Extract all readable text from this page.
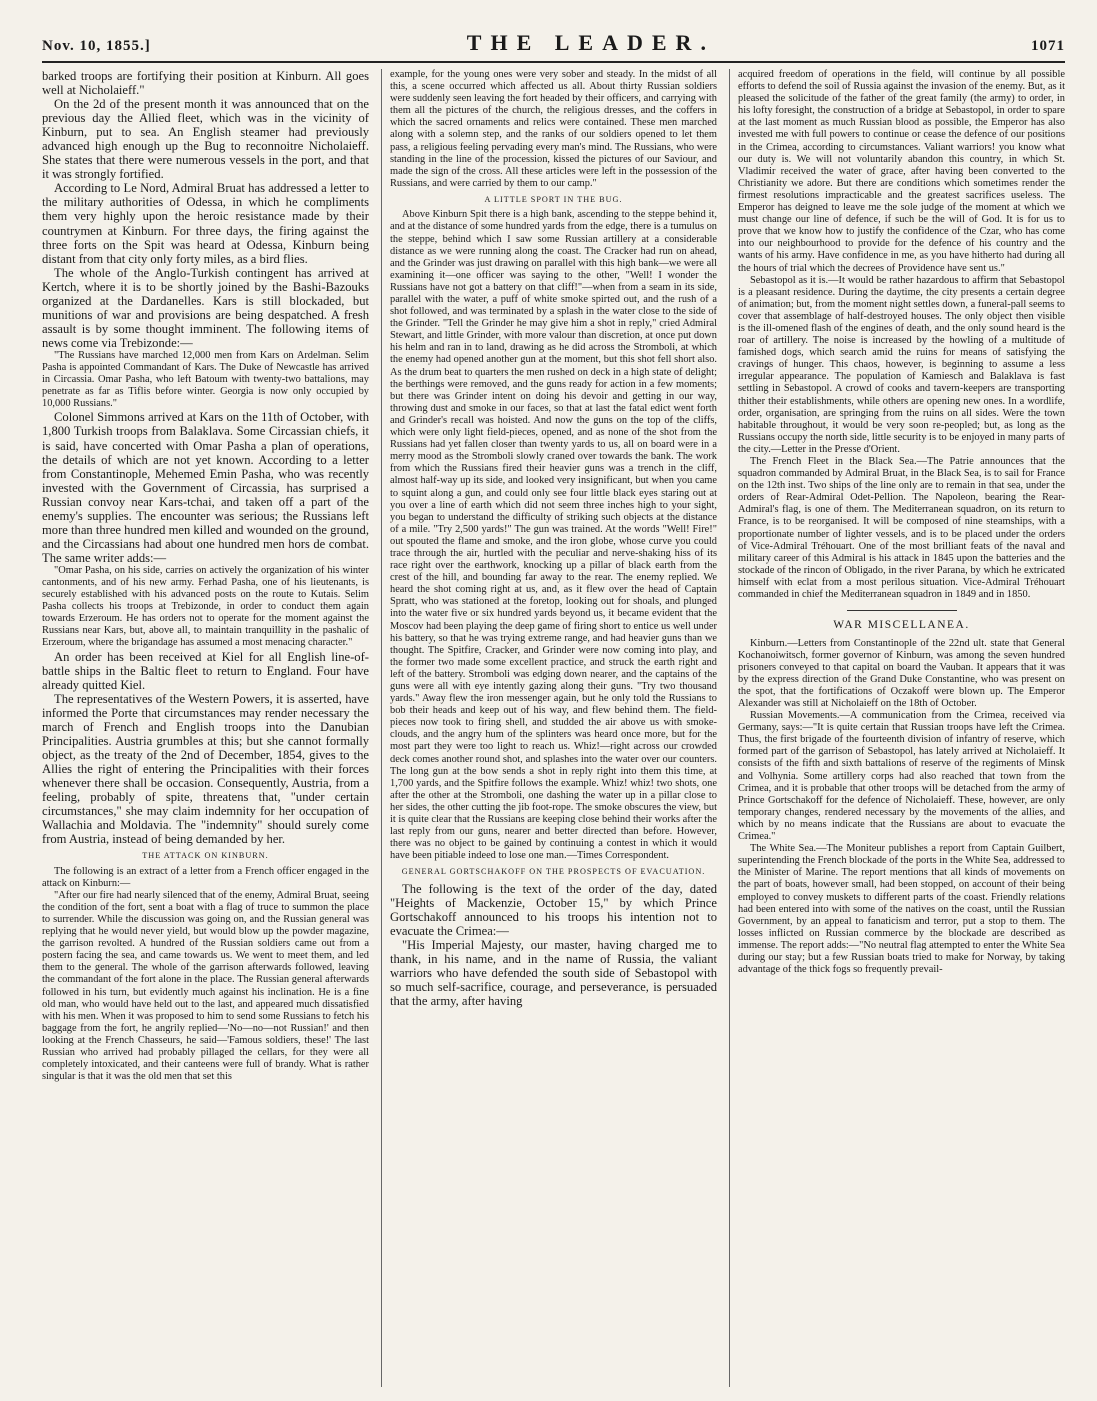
Nov. 10, 1855.]	THE LEADER.	1071

barked troops are fortifying their position at Kinburn. All goes well at Nicholaieff."

On the 2d of the present month it was announced that on the previous day the Allied fleet, which was in the vicinity of Kinburn, put to sea. An English steamer had previously advanced high enough up the Bug to reconnoitre Nicholaieff. She states that there were numerous vessels in the port, and that it was strongly fortified.

According to Le Nord, Admiral Bruat has addressed a letter to the military authorities of Odessa, in which he compliments them very highly upon the heroic resistance made by their countrymen at Kinburn. For three days, the firing against the three forts on the Spit was heard at Odessa, Kinburn being distant from that city only forty miles, as a bird flies.

The whole of the Anglo-Turkish contingent has arrived at Kertch, where it is to be shortly joined by the Bashi-Bazouks organized at the Dardanelles. Kars is still blockaded, but munitions of war and provisions are being despatched. A fresh assault is by some thought imminent. The following items of news come via Trebizonde:—

"The Russians have marched 12,000 men from Kars on Ardelman. Selim Pasha is appointed Commandant of Kars. The Duke of Newcastle has arrived in Circassia. Omar Pasha, who left Batoum with twenty-two battalions, may penetrate as far as Tiflis before winter. Georgia is now only occupied by 10,000 Russians."

Colonel Simmons arrived at Kars on the 11th of October, with 1,800 Turkish troops from Balaklava. Some Circassian chiefs, it is said, have concerted with Omar Pasha a plan of operations, the details of which are not yet known. According to a letter from Constantinople, Mehemed Emin Pasha, who was recently invested with the Government of Circassia, has surprised a Russian convoy near Kars-tchai, and taken off a part of the enemy's supplies. The encounter was serious; the Russians left more than three hundred men killed and wounded on the ground, and the Circassians had about one hundred men hors de combat. The same writer adds:—

"Omar Pasha, on his side, carries on actively the organization of his winter cantonments, and of his new army. Ferhad Pasha, one of his lieutenants, is securely established with his advanced posts on the route to Kutais. Selim Pasha collects his troops at Trebizonde, in order to conduct them again towards Erzeroum. He has orders not to operate for the moment against the Russians near Kars, but, above all, to maintain tranquillity in the pashalic of Erzeroum, where the brigandage has assumed a most menacing character."

An order has been received at Kiel for all English line-of-battle ships in the Baltic fleet to return to England. Four have already quitted Kiel.

The representatives of the Western Powers, it is asserted, have informed the Porte that circumstances may render necessary the march of French and English troops into the Danubian Principalities. Austria grumbles at this; but she cannot formally object, as the treaty of the 2nd of December, 1854, gives to the Allies the right of entering the Principalities with their forces whenever there shall be occasion. Consequently, Austria, from a feeling, probably of spite, threatens that, "under certain circumstances," she may claim indemnity for her occupation of Wallachia and Moldavia. The "indemnity" should surely come from Austria, instead of being demanded by her.

THE ATTACK ON KINBURN.

The following is an extract of a letter from a French officer engaged in the attack on Kinburn:—

"After our fire had nearly silenced that of the enemy, Admiral Bruat, seeing the condition of the fort, sent a boat with a flag of truce to summon the place to surrender. While the discussion was going on, and the Russian general was replying that he would never yield, but would blow up the powder magazine, the garrison revolted. A hundred of the Russian soldiers came out from a postern facing the sea, and came towards us. We went to meet them, and led them to the general. The whole of the garrison afterwards followed, leaving the commandant of the fort alone in the place. The Russian general afterwards followed in his turn, but evidently much against his inclination. He is a fine old man, who would have held out to the last, and appeared much dissatisfied with his men. When it was proposed to him to send some Russians to fetch his baggage from the fort, he angrily replied—'No—no—not Russian!' and then looking at the French Chasseurs, he said—'Famous soldiers, these!' The last Russian who arrived had probably pillaged the cellars, for they were all completely intoxicated, and their canteens were full of brandy. What is rather singular is that it was the old men that set this

example, for the young ones were very sober and steady. In the midst of all this, a scene occurred which affected us all. About thirty Russian soldiers were suddenly seen leaving the fort headed by their officers, and carrying with them all the pictures of the church, the religious dresses, and the coffers in which the sacred ornaments and relics were contained. These men marched along with a solemn step, and the ranks of our soldiers opened to let them pass, a religious feeling pervading every man's mind. The Russians, who were standing in the line of the procession, kissed the pictures of our Saviour, and made the sign of the cross. All these articles were left in the possession of the Russians, and were carried by them to our camp."

A LITTLE SPORT IN THE BUG.

Above Kinburn Spit there is a high bank, ascending to the steppe behind it, and at the distance of some hundred yards from the edge, there is a tumulus on the steppe, behind which I saw some Russian artillery at a considerable distance as we were running along the coast. The Cracker had run on ahead, and the Grinder was just drawing on parallel with this high bank—we were all examining it—one officer was saying to the other, "Well! I wonder the Russians have not got a battery on that cliff!"—when from a seam in its side, parallel with the water, a puff of white smoke spirted out, and the rush of a shot followed, and was terminated by a splash in the water close to the side of the Grinder. "Tell the Grinder he may give him a shot in reply," cried Admiral Stewart, and little Grinder, with more valour than discretion, at once put down his helm and ran in to land, drawing as he did across the Stromboli, at which the enemy had opened another gun at the moment, but this shot fell short also. As the drum beat to quarters the men rushed on deck in a high state of delight; the berthings were removed, and the guns ready for action in a few moments; but there was Grinder intent on doing his devoir and getting in our way, throwing dust and smoke in our faces, so that at last the fatal edict went forth and Grinder's recall was hoisted. And now the guns on the top of the cliffs, which were only light field-pieces, opened, and as none of the shot from the Russians had yet fallen closer than twenty yards to us, all on board were in a merry mood as the Stromboli slowly craned over towards the bank. The work from which the Russians fired their heavier guns was a trench in the cliff, almost half-way up its side, and looked very insignificant, but when you came to squint along a gun, and could only see four little black eyes staring out at you over a line of earth which did not seem three inches high to your sight, you began to understand the difficulty of striking such objects at the distance of a mile. "Try 2,500 yards!" The gun was trained. At the words "Well! Fire!" out spouted the flame and smoke, and the iron globe, whose curve you could trace through the air, hurtled with the peculiar and nerve-shaking hiss of its race right over the earthwork, knocking up a pillar of black earth from the crest of the hill, and bounding far away to the rear. The enemy replied. We heard the shot coming right at us, and, as it flew over the head of Captain Spratt, who was stationed at the foretop, looking out for shoals, and plunged into the water five or six hundred yards beyond us, it became evident that the Moscov had been playing the deep game of firing short to entice us well under his battery, so that he was trying extreme range, and had heavier guns than we thought. The Spitfire, Cracker, and Grinder were now coming into play, and the former two made some excellent practice, and struck the earth right and left of the battery. Stromboli was edging down nearer, and the captains of the guns were all with eye intently gazing along their guns. "Try two thousand yards." Away flew the iron messenger again, but he only told the Russians to bob their heads and keep out of his way, and flew behind them. The field-pieces now took to firing shell, and studded the air above us with smoke-clouds, and the angry hum of the splinters was heard once more, but for the most part they were too light to reach us. Whiz!—right across our crowded deck comes another round shot, and splashes into the water over our counters. The long gun at the bow sends a shot in reply right into them this time, at 1,700 yards, and the Spitfire follows the example. Whiz! whiz! two shots, one after the other at the Stromboli, one dashing the water up in a pillar close to her sides, the other cutting the jib foot-rope. The smoke obscures the view, but it is quite clear that the Russians are keeping close behind their works after the last reply from our guns, nearer and better directed than before. However, there was no object to be gained by continuing a contest in which it would have been pitiable indeed to lose one man.—Times Correspondent.

GENERAL GORTSCHAKOFF ON THE PROSPECTS OF EVACUATION.

The following is the text of the order of the day, dated "Heights of Mackenzie, October 15," by which Prince Gortschakoff announced to his troops his intention not to evacuate the Crimea:—

"His Imperial Majesty, our master, having charged me to thank, in his name, and in the name of Russia, the valiant warriors who have defended the south side of Sebastopol with so much self-sacrifice, courage, and perseverance, is persuaded that the army, after having

acquired freedom of operations in the field, will continue by all possible efforts to defend the soil of Russia against the invasion of the enemy. But, as it pleased the solicitude of the father of the great family (the army) to order, in his lofty foresight, the construction of a bridge at Sebastopol, in order to spare at the last moment as much Russian blood as possible, the Emperor has also invested me with full powers to continue or cease the defence of our positions in the Crimea, according to circumstances. Valiant warriors! you know what our duty is. We will not voluntarily abandon this country, in which St. Vladimir received the water of grace, after having been converted to the Christianity we adore. But there are conditions which sometimes render the firmest resolutions impracticable and the greatest sacrifices useless. The Emperor has deigned to leave me the sole judge of the moment at which we must change our line of defence, if such be the will of God. It is for us to prove that we know how to justify the confidence of the Czar, who has come into our neighbourhood to provide for the defence of his country and the wants of his army. Have confidence in me, as you have hitherto had during all the hours of trial which the decrees of Providence have sent us."

Sebastopol as it is.—It would be rather hazardous to affirm that Sebastopol is a pleasant residence. During the daytime, the city presents a certain degree of animation; but, from the moment night settles down, a funeral-pall seems to cover that assemblage of half-destroyed houses. The only object then visible is the ill-omened flash of the engines of death, and the only sound heard is the roar of artillery. The noise is increased by the howling of a multitude of famished dogs, which search amid the ruins for means of satisfying the cravings of hunger. This chaos, however, is beginning to assume a less irregular appearance. The population of Kamiesch and Balaklava is fast settling in Sebastopol. A crowd of cooks and tavern-keepers are transporting thither their establishments, while others are opening new ones. In a wordlife, order, organisation, are springing from the ruins on all sides. Were the town habitable throughout, it would be very soon re-peopled; but, as long as the Russians occupy the north side, little security is to be enjoyed in many parts of the city.—Letter in the Presse d'Orient.

The French Fleet in the Black Sea.—The Patrie announces that the squadron commanded by Admiral Bruat, in the Black Sea, is to sail for France on the 12th inst. Two ships of the line only are to remain in that sea, under the orders of Rear-Admiral Odet-Pellion. The Napoleon, bearing the Rear-Admiral's flag, is one of them. The Mediterranean squadron, on its return to France, is to be reorganised. It will be composed of nine steamships, with a proportionate number of lighter vessels, and is to be placed under the orders of Vice-Admiral Tréhouart. One of the most brilliant feats of the naval and military career of this Admiral is his attack in 1845 upon the batteries and the stockade of the rincon of Obligado, in the river Parana, by which he extricated himself with eclat from a most perilous situation. Vice-Admiral Tréhouart commanded in chief the Mediterranean squadron in 1849 and in 1850.

WAR MISCELLANEA.

Kinburn.—Letters from Constantinople of the 22nd ult. state that General Kochanoiwitsch, former governor of Kinburn, was among the seven hundred prisoners conveyed to that capital on board the Vauban. It appears that it was by the express direction of the Grand Duke Constantine, who was present on the spot, that the fortifications of Oczakoff were blown up. The Emperor Alexander was still at Nicholaieff on the 18th of October.

Russian Movements.—A communication from the Crimea, received via Germany, says:—"It is quite certain that Russian troops have left the Crimea. Thus, the first brigade of the fourteenth division of infantry of reserve, which formed part of the garrison of Sebastopol, has lately arrived at Nicholaieff. It consists of the fifth and sixth battalions of reserve of the regiments of Minsk and Volhynia. Some artillery corps had also reached that town from the Crimea, and it is probable that other troops will be detached from the army of Prince Gortschakoff for the defence of Nicholaieff. These, however, are only temporary changes, rendered necessary by the movements of the allies, and which by no means indicate that the Russians are about to evacuate the Crimea."

The White Sea.—The Moniteur publishes a report from Captain Guilbert, superintending the French blockade of the ports in the White Sea, addressed to the Minister of Marine. The report mentions that all kinds of movements on the part of boats, however small, had been stopped, on account of their being employed to convey muskets to different parts of the coast. Friendly relations had been entered into with some of the natives on the coast, until the Russian Government, by an appeal to fanaticism and terror, put a stop to them. The losses inflicted on Russian commerce by the blockade are described as immense. The report adds:—"No neutral flag attempted to enter the White Sea during our stay; but a few Russian boats tried to make for Norway, by taking advantage of the thick fogs so frequently prevail-
